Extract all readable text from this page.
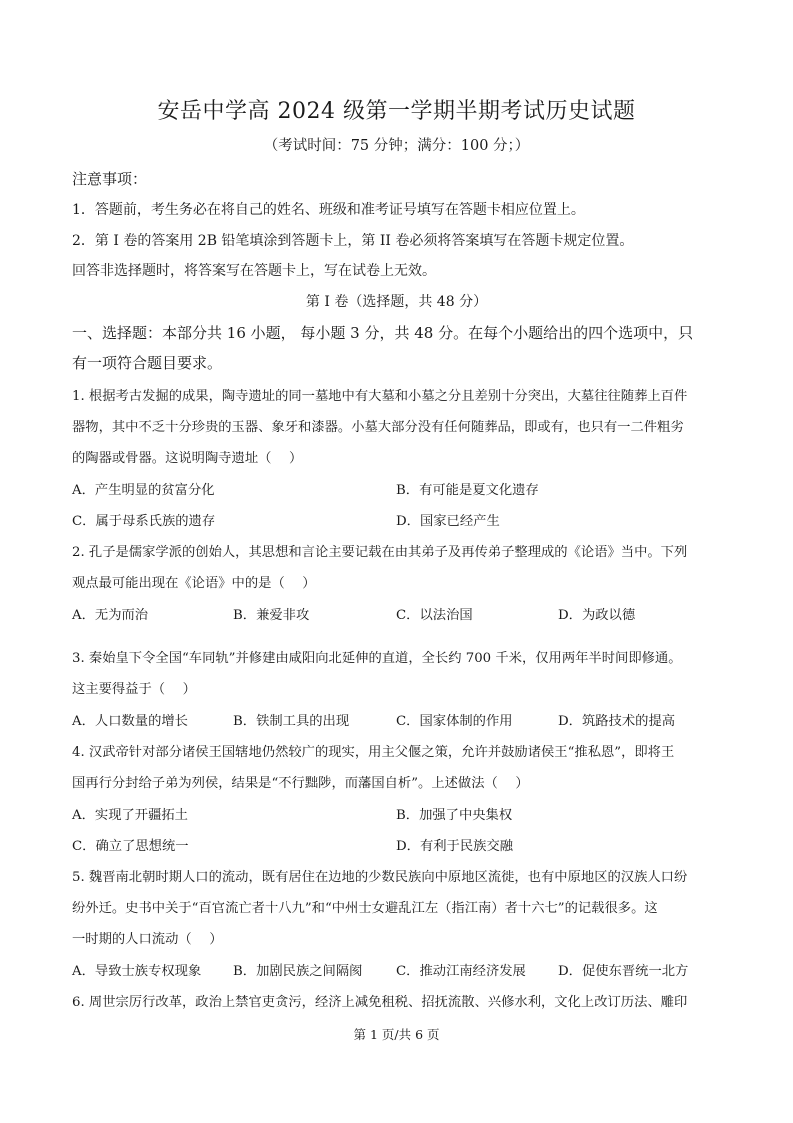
安岳中学高 2024 级第一学期半期考试历史试题
（考试时间：75 分钟；满分：100 分；）
注意事项：
1．答题前，考生务必在将自己的姓名、班级和准考证号填写在答题卡相应位置上。
2．第 I 卷的答案用 2B 铅笔填涂到答题卡上，第 II 卷必须将答案填写在答题卡规定位置。
回答非选择题时，将答案写在答题卡上，写在试卷上无效。
第 I 卷（选择题，共 48 分）
一、选择题：本部分共 16 小题， 每小题 3 分，共 48 分。在每个小题给出的四个选项中，只
有一项符合题目要求。
1. 根据考古发掘的成果，陶寺遗址的同一墓地中有大墓和小墓之分且差别十分突出，大墓往往随葬上百件
器物，其中不乏十分珍贵的玉器、象牙和漆器。小墓大部分没有任何随葬品，即或有，也只有一二件粗劣
的陶器或骨器。这说明陶寺遗址（　 ）
A．产生明显的贫富分化	B．有可能是夏文化遗存
C．属于母系氏族的遗存	D．国家已经产生
2. 孔子是儒家学派的创始人，其思想和言论主要记载在由其弟子及再传弟子整理成的《论语》当中。下列
观点最可能出现在《论语》中的是（　 ）
A．无为而治	B．兼爱非攻	C．以法治国	D．为政以德
3. 秦始皇下令全国“车同轨”并修建由咸阳向北延伸的直道，全长约 700 千米，仅用两年半时间即修通。
这主要得益于（　 ）
A．人口数量的增长	B．铁制工具的出现	C．国家体制的作用	D．筑路技术的提高
4. 汉武帝针对部分诸侯王国辖地仍然较广的现实，用主父偃之策，允许并鼓励诸侯王“推私恩”，即将王
国再行分封给子弟为列侯，结果是“不行黜陟，而藩国自析”。上述做法（　 ）
A．实现了开疆拓土	B．加强了中央集权
C．确立了思想统一	D．有利于民族交融
5. 魏晋南北朝时期人口的流动，既有居住在边地的少数民族向中原地区流徙，也有中原地区的汉族人口纷
纷外迁。史书中关于“百官流亡者十八九”和“中州士女避乱江左（指江南）者十六七”的记载很多。这
一时期的人口流动（　 ）
A．导致士族专权现象 B．加剧民族之间隔阂	C．推动江南经济发展 D．促使东晋统一北方
6. 周世宗厉行改革，政治上禁官吏贪污，经济上减免租税、招抚流散、兴修水利，文化上改订历法、雕印
第 1 页/共 6 页
